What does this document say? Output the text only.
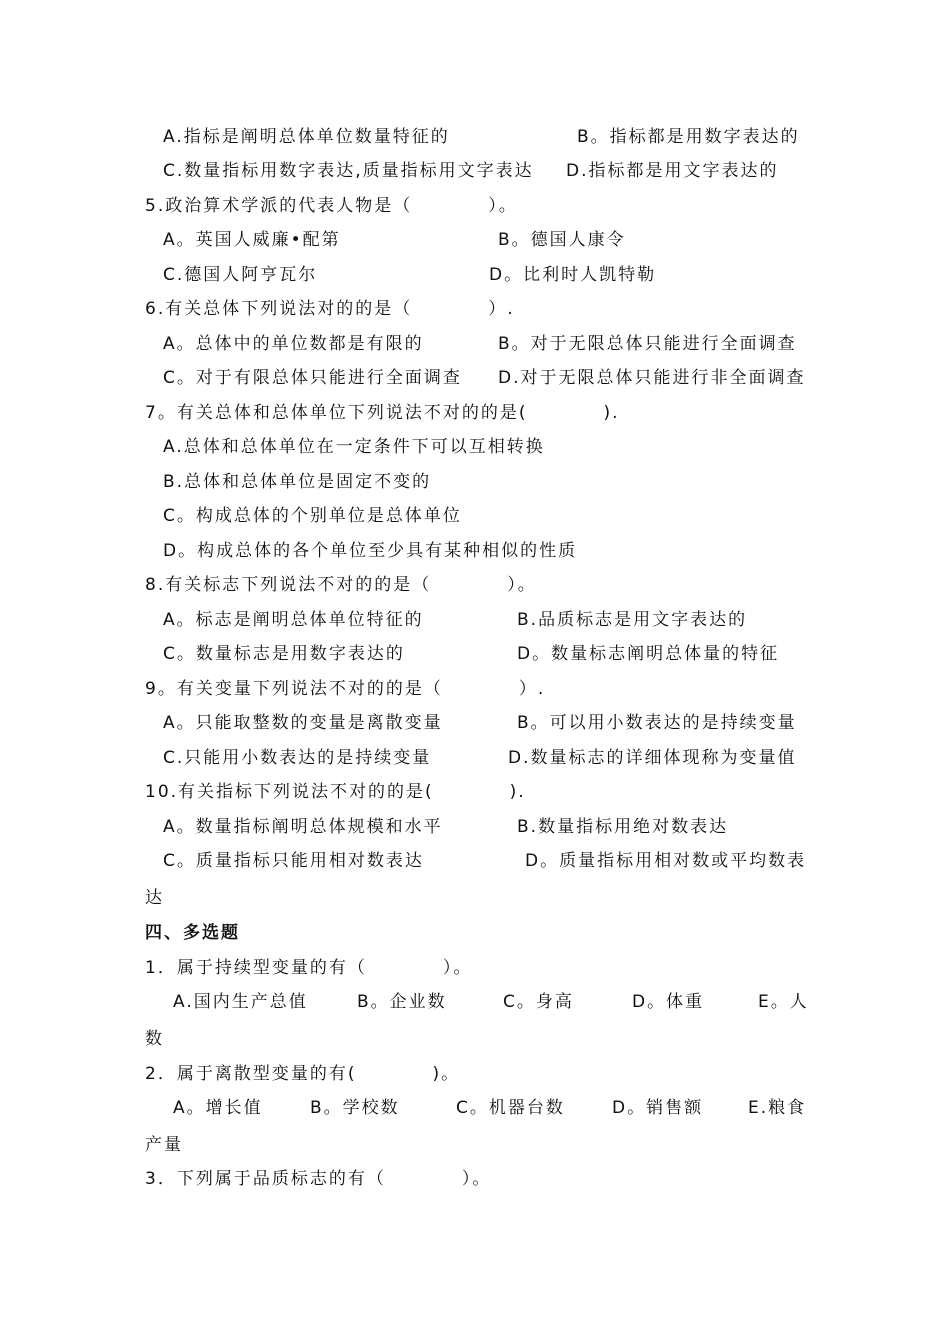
A.指标是阐明总体单位数量特征的	B。指标都是用数字表达的
C.数量指标用数字表达,质量指标用文字表达 D.指标都是用文字表达的
5.政治算术学派的代表人物是（　　　　）。
A。英国人威廉•配第	B。德国人康令
C.德国人阿亨瓦尔	D。比利时人凯特勒
6.有关总体下列说法对的的是（　　　　）.
A。总体中的单位数都是有限的	B。对于无限总体只能进行全面调查
C。对于有限总体只能进行全面调查 D.对于无限总体只能进行非全面调查
7。有关总体和总体单位下列说法不对的的是(　　　　).
A.总体和总体单位在一定条件下可以互相转换
B.总体和总体单位是固定不变的
C。构成总体的个别单位是总体单位
D。构成总体的各个单位至少具有某种相似的性质
8.有关标志下列说法不对的的是（　　　　）。
A。标志是阐明总体单位特征的	B.品质标志是用文字表达的
C。数量标志是用数字表达的	D。数量标志阐明总体量的特征
9。有关变量下列说法不对的的是（　　　　）.
A。只能取整数的变量是离散变量	B。可以用小数表达的是持续变量
C.只能用小数表达的是持续变量	D.数量标志的详细体现称为变量值
10.有关指标下列说法不对的的是(　　　　).
A。数量指标阐明总体规模和水平	B.数量指标用绝对数表达
C。质量指标只能用相对数表达	D。质量指标用相对数或平均数表
达
四、多选题
1．属于持续型变量的有（　　　　）。
A.国内生产总值	B。企业数	C。身高	D。体重	E。人
数
2．属于离散型变量的有(　　　　)。
A。增长值	B。学校数	C。机器台数	D。销售额	E.粮食
产量
3．下列属于品质标志的有（　　　　）。
